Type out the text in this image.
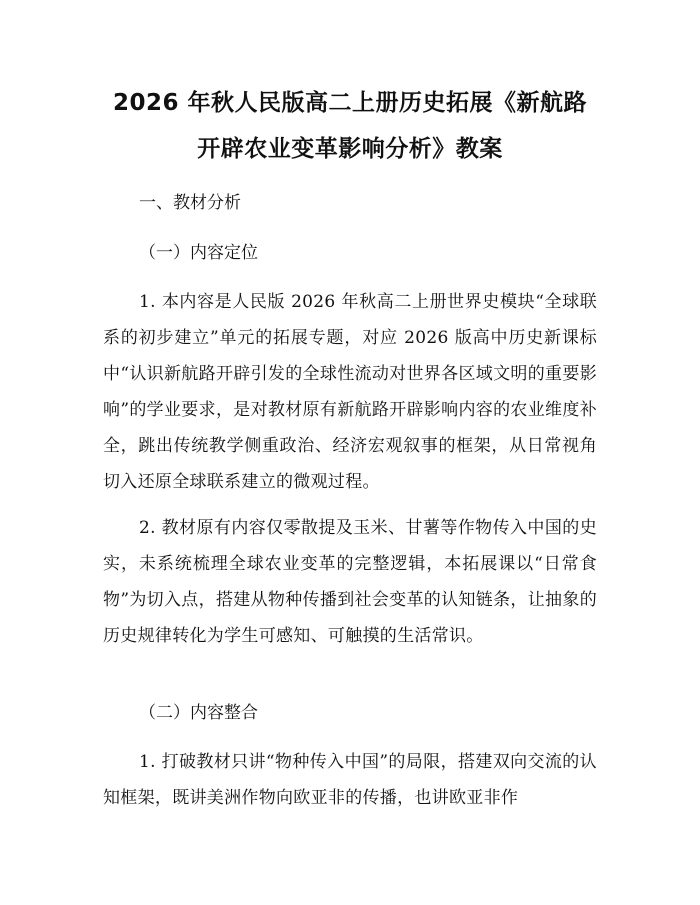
2026 年秋人民版高二上册历史拓展《新航路
开辟农业变革影响分析》教案
一、教材分析
（一）内容定位
1. 本内容是人民版 2026 年秋高二上册世界史模块“全球联系的初步建立”单元的拓展专题，对应 2026 版高中历史新课标中“认识新航路开辟引发的全球性流动对世界各区域文明的重要影响”的学业要求，是对教材原有新航路开辟影响内容的农业维度补全，跳出传统教学侧重政治、经济宏观叙事的框架，从日常视角切入还原全球联系建立的微观过程。
2. 教材原有内容仅零散提及玉米、甘薯等作物传入中国的史实，未系统梳理全球农业变革的完整逻辑，本拓展课以“日常食物”为切入点，搭建从物种传播到社会变革的认知链条，让抽象的历史规律转化为学生可感知、可触摸的生活常识。
（二）内容整合
1. 打破教材只讲“物种传入中国”的局限，搭建双向交流的认知框架，既讲美洲作物向欧亚非的传播，也讲欧亚非作
